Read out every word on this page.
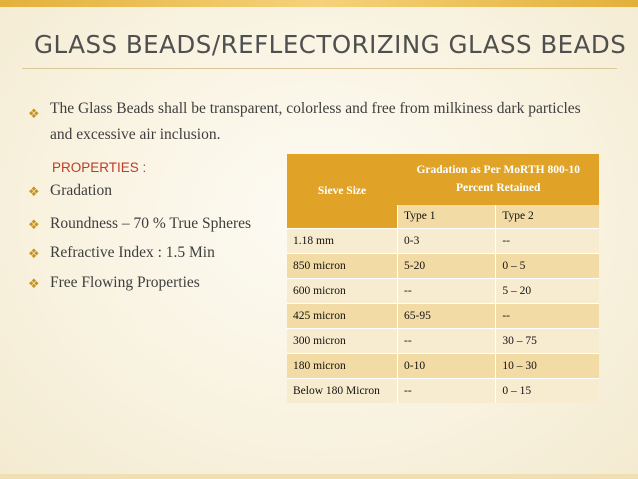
GLASS BEADS/REFLECTORIZING GLASS BEADS
❖ The Glass Beads shall be transparent, colorless and free from milkiness dark particles and excessive air inclusion.
PROPERTIES :
❖ Gradation
❖ Roundness – 70 % True Spheres
❖ Refractive Index : 1.5 Min
❖ Free Flowing Properties
Sieve Size	Gradation as Per MoRTH 800-10 Percent Retained	
	Type 1	Type 2
1.18 mm	0-3	--
850 micron	5-20	0 – 5
600 micron	--	5 – 20
425 micron	65-95	--
300 micron	--	30 – 75
180 micron	0-10	10 – 30
Below 180 Micron	--	0 – 15
